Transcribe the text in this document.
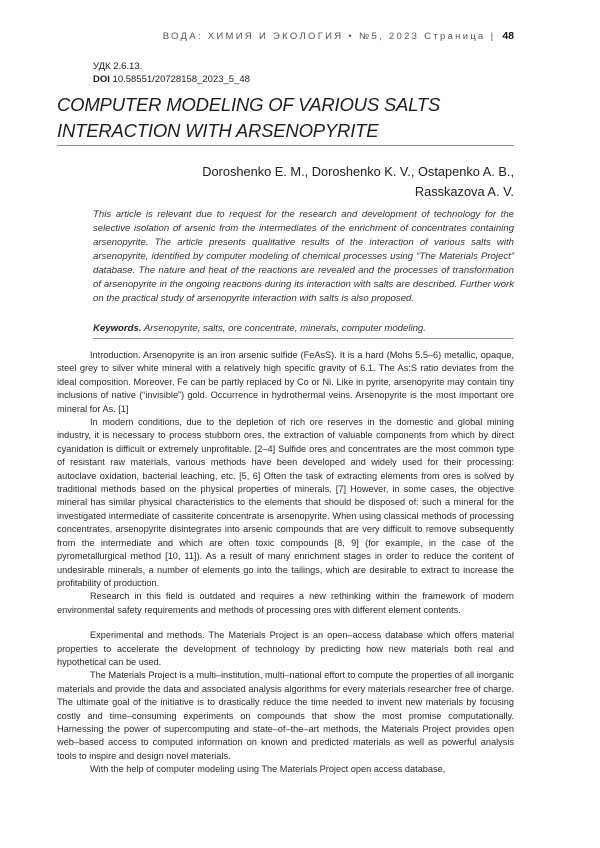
ВОДА: ХИМИЯ И ЭКОЛОГИЯ • №5, 2023 Страница | 48
УДК 2.6.13.
DOI 10.58551/20728158_2023_5_48
COMPUTER MODELING OF VARIOUS SALTS INTERACTION WITH ARSENOPYRITE
Doroshenko E. M., Doroshenko K. V., Ostapenko A. B., Rasskazova A. V.
This article is relevant due to request for the research and development of technology for the selective isolation of arsenic from the intermediates of the enrichment of concentrates containing arsenopyrite. The article presents qualitative results of the interaction of various salts with arsenopyrite, identified by computer modeling of chemical processes using “The Materials Project” database. The nature and heat of the reactions are revealed and the processes of transformation of arsenopyrite in the ongoing reactions during its interaction with salts are described. Further work on the practical study of arsenopyrite interaction with salts is also proposed.
Keywords. Arsenopyrite, salts, ore concentrate, minerals, computer modeling.

Introduction. Arsenopyrite is an iron arsenic sulfide (FeAsS). It is a hard (Mohs 5.5–6) metallic, opaque, steel grey to silver white mineral with a relatively high specific gravity of 6.1. The As:S ratio deviates from the ideal composition. Moreover, Fe can be partly replaced by Co or Ni. Like in pyrite, arsenopyrite may contain tiny inclusions of native (“invisible”) gold. Occurrence in hydrothermal veins. Arsenopyrite is the most important ore mineral for As. [1]

In modern conditions, due to the depletion of rich ore reserves in the domestic and global mining industry, it is necessary to process stubborn ores, the extraction of valuable components from which by direct cyanidation is difficult or extremely unprofitable. [2–4] Sulfide ores and concentrates are the most common type of resistant raw materials, various methods have been developed and widely used for their processing: autoclave oxidation, bacterial leaching, etc. [5, 6] Often the task of extracting elements from ores is solved by traditional methods based on the physical properties of minerals. [7] However, in some cases, the objective mineral has similar physical characteristics to the elements that should be disposed of: such a mineral for the investigated intermediate of cassiterite concentrate is arsenopyrite. When using classical methods of processing concentrates, arsenopyrite disintegrates into arsenic compounds that are very difficult to remove subsequently from the intermediate and which are often toxic compounds [8, 9] (for example, in the case of the pyrometallurgical method [10, 11]). As a result of many enrichment stages in order to reduce the content of undesirable minerals, a number of elements go into the tailings, which are desirable to extract to increase the profitability of production.

Research in this field is outdated and requires a new rethinking within the framework of modern environmental safety requirements and methods of processing ores with different element contents.

Experimental and methods. The Materials Project is an open–access database which offers material properties to accelerate the development of technology by predicting how new materials both real and hypothetical can be used.

The Materials Project is a multi–institution, multi–national effort to compute the properties of all inorganic materials and provide the data and associated analysis algorithms for every materials researcher free of charge. The ultimate goal of the initiative is to drastically reduce the time needed to invent new materials by focusing costly and time–consuming experiments on compounds that show the most promise computationally. Harnessing the power of supercomputing and state–of–the–art methods, the Materials Project provides open web–based access to computed information on known and predicted materials as well as powerful analysis tools to inspire and design novel materials.

With the help of computer modeling using The Materials Project open access database,
